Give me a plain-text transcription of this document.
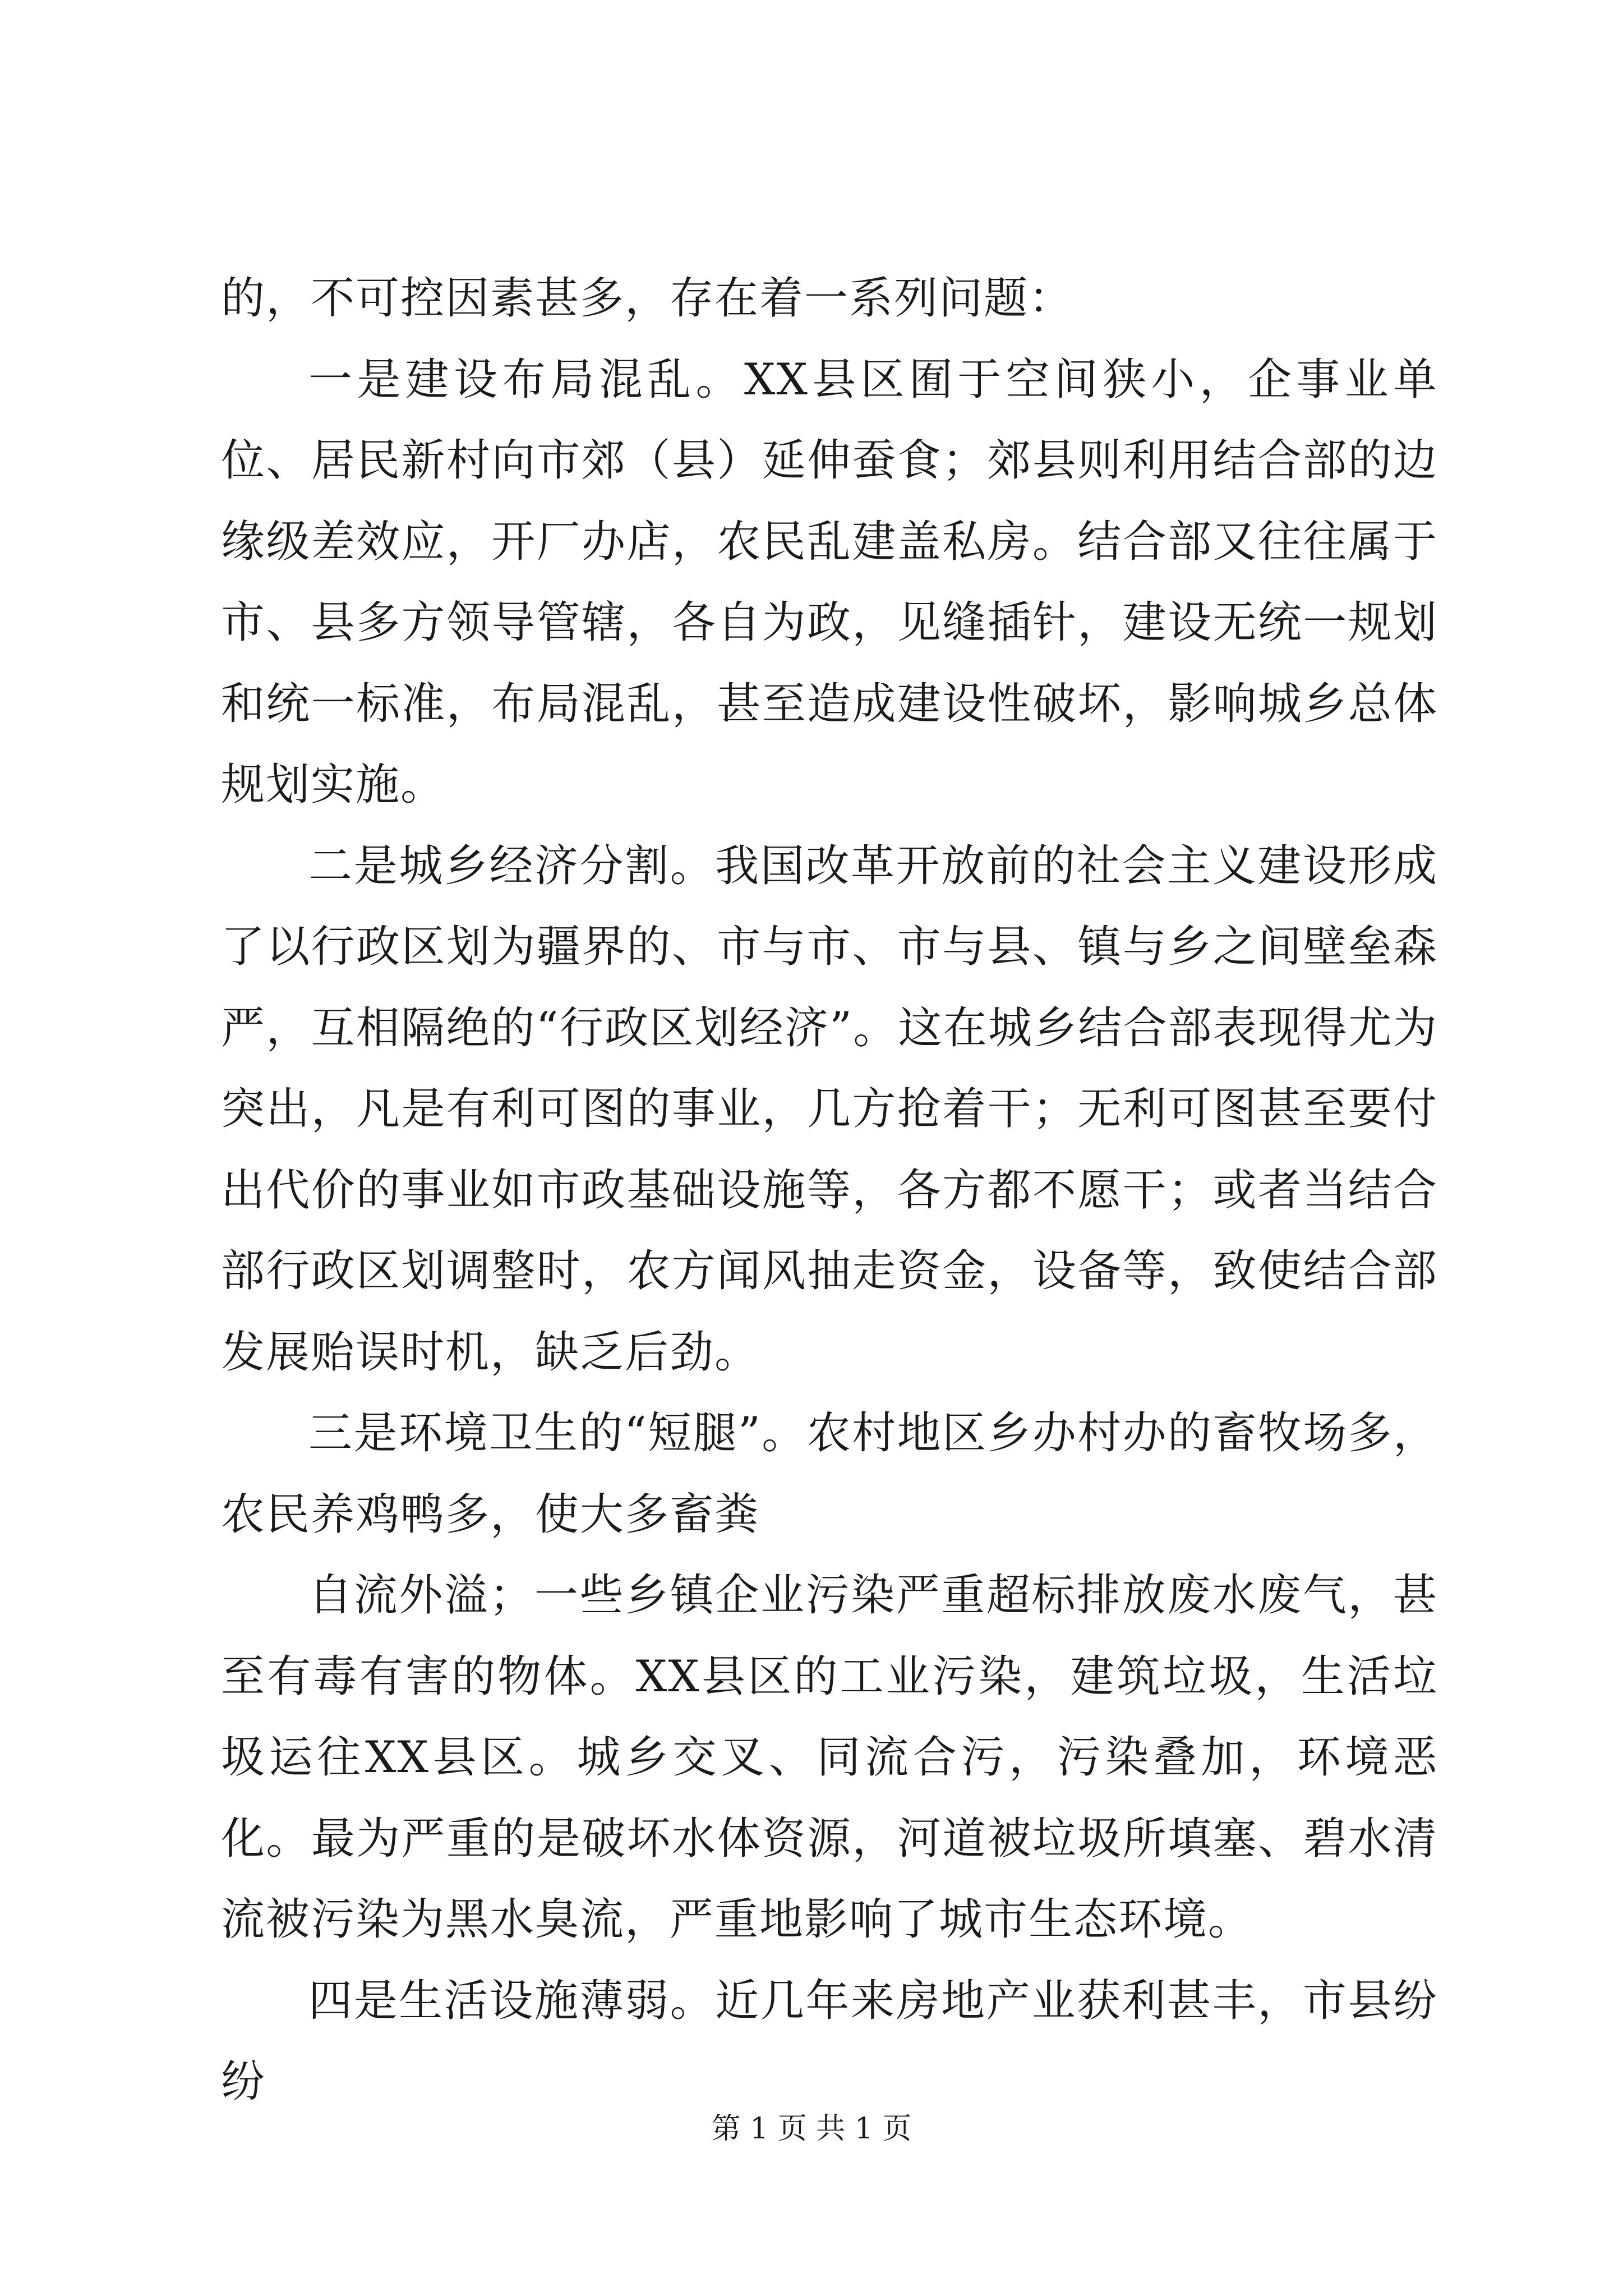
的，不可控因素甚多，存在着一系列问题：

一是建设布局混乱。XX县区囿于空间狭小，企事业单位、居民新村向市郊（县）延伸蚕食；郊县则利用结合部的边缘级差效应，开厂办店，农民乱建盖私房。结合部又往往属于市、县多方领导管辖，各自为政，见缝插针，建设无统一规划和统一标准，布局混乱，甚至造成建设性破坏，影响城乡总体规划实施。

二是城乡经济分割。我国改革开放前的社会主义建设形成了以行政区划为疆界的、市与市、市与县、镇与乡之间壁垒森严，互相隔绝的“行政区划经济”。这在城乡结合部表现得尤为突出，凡是有利可图的事业，几方抢着干；无利可图甚至要付出代价的事业如市政基础设施等，各方都不愿干；或者当结合部行政区划调整时，农方闻风抽走资金，设备等，致使结合部发展贻误时机，缺乏后劲。

三是环境卫生的“短腿”。农村地区乡办村办的畜牧场多，农民养鸡鸭多，使大多畜粪

自流外溢；一些乡镇企业污染严重超标排放废水废气，甚至有毒有害的物体。XX县区的工业污染，建筑垃圾，生活垃圾运往XX县区。城乡交叉、同流合污，污染叠加，环境恶化。最为严重的是破坏水体资源，河道被垃圾所填塞、碧水清流被污染为黑水臭流，严重地影响了城市生态环境。

四是生活设施薄弱。近几年来房地产业获利甚丰，市县纷纷

第 1 页 共 1 页
